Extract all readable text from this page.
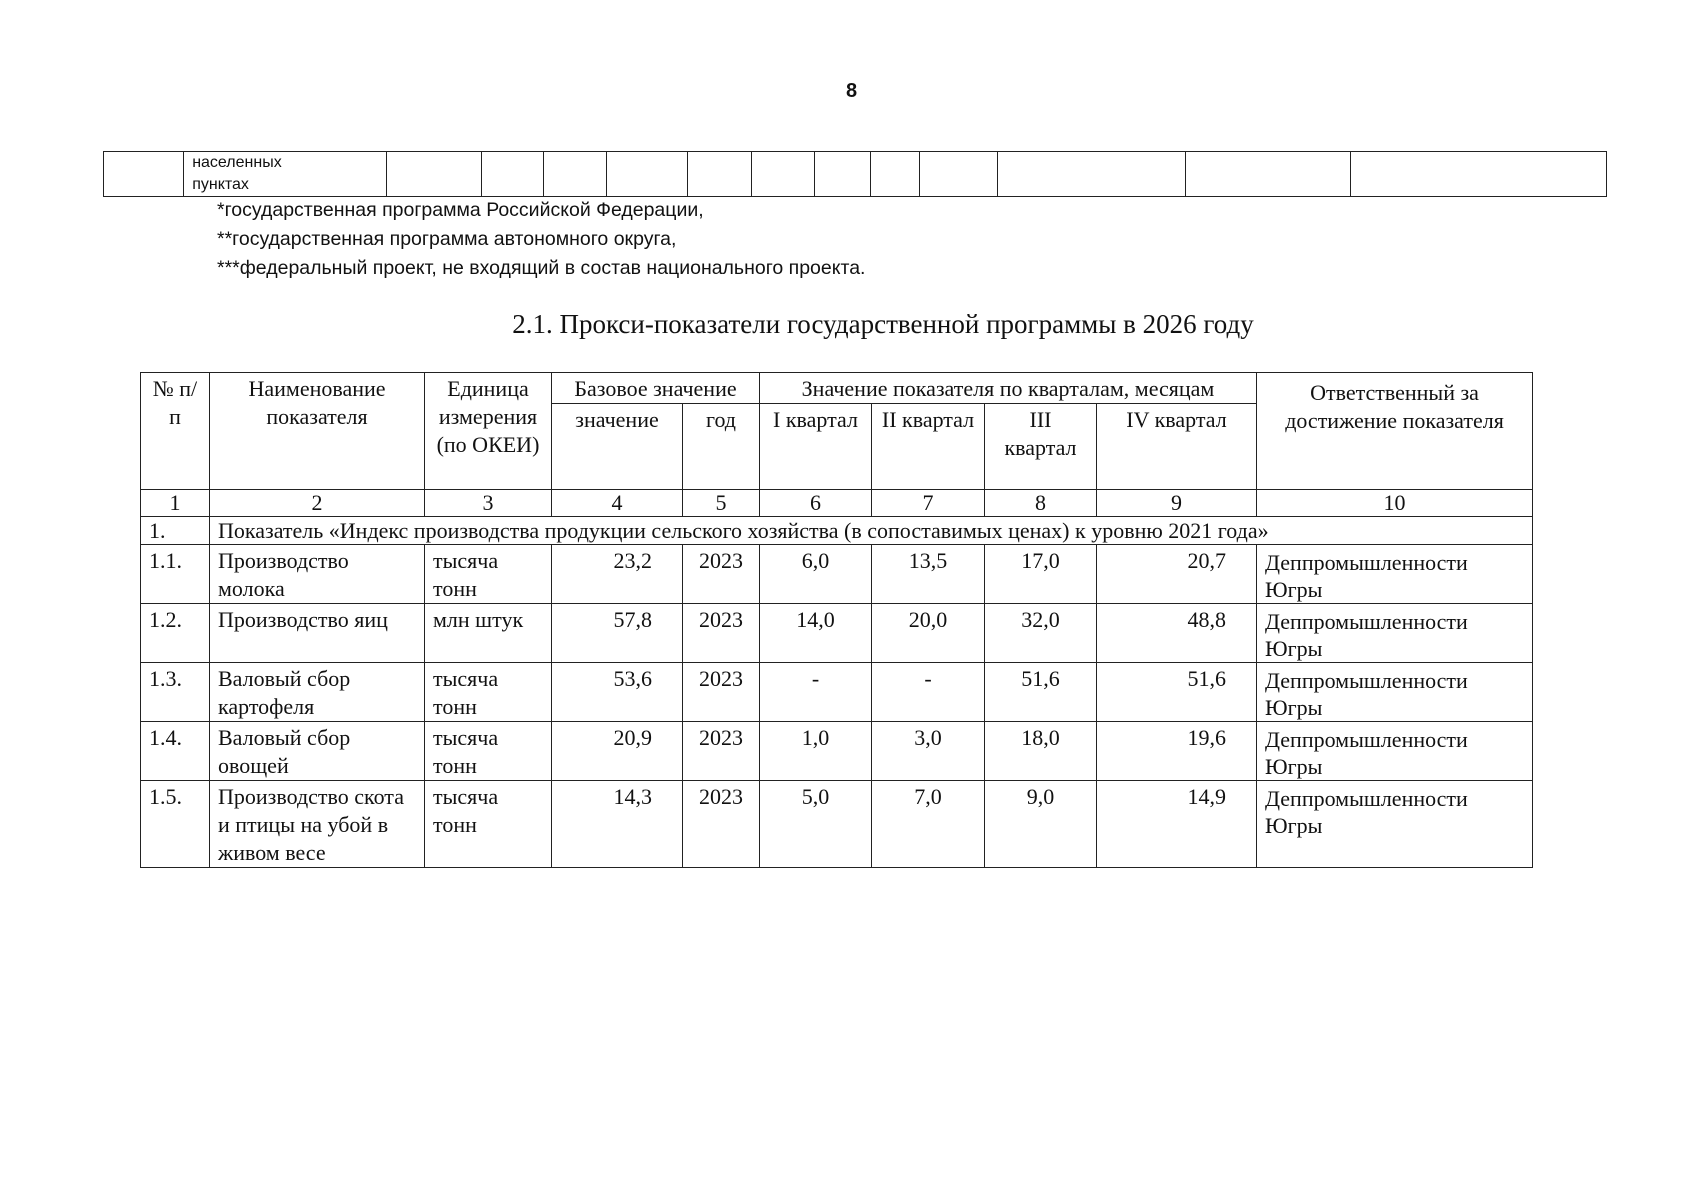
8

населенных
пунктах

*государственная программа Российской Федерации,
**государственная программа автономного округа,
***федеральный проект, не входящий в состав национального проекта.
2.1. Прокси-показатели государственной программы в 2026 году
№ п/п	Наименование показателя	Единица измерения (по ОКЕИ)	Базовое значение		Значение показателя по кварталам, месяцам				Ответственный за достижение показателя
			значение	год	I квартал	II квартал	III квартал	IV квартал	
1	2	3	4	5	6	7	8	9	10
1.	Показатель «Индекс производства продукции сельского хозяйства (в сопоставимых ценах) к уровню 2021 года»								
1.1.	Производство молока	тысяча тонн	23,2	2023	6,0	13,5	17,0	20,7	Деппромышленности Югры
1.2.	Производство яиц	млн штук	57,8	2023	14,0	20,0	32,0	48,8	Деппромышленности Югры
1.3.	Валовый сбор картофеля	тысяча тонн	53,6	2023	-	-	51,6	51,6	Деппромышленности Югры
1.4.	Валовый сбор овощей	тысяча тонн	20,9	2023	1,0	3,0	18,0	19,6	Деппромышленности Югры
1.5.	Производство скота и птицы на убой в живом весе	тысяча тонн	14,3	2023	5,0	7,0	9,0	14,9	Деппромышленности Югры
